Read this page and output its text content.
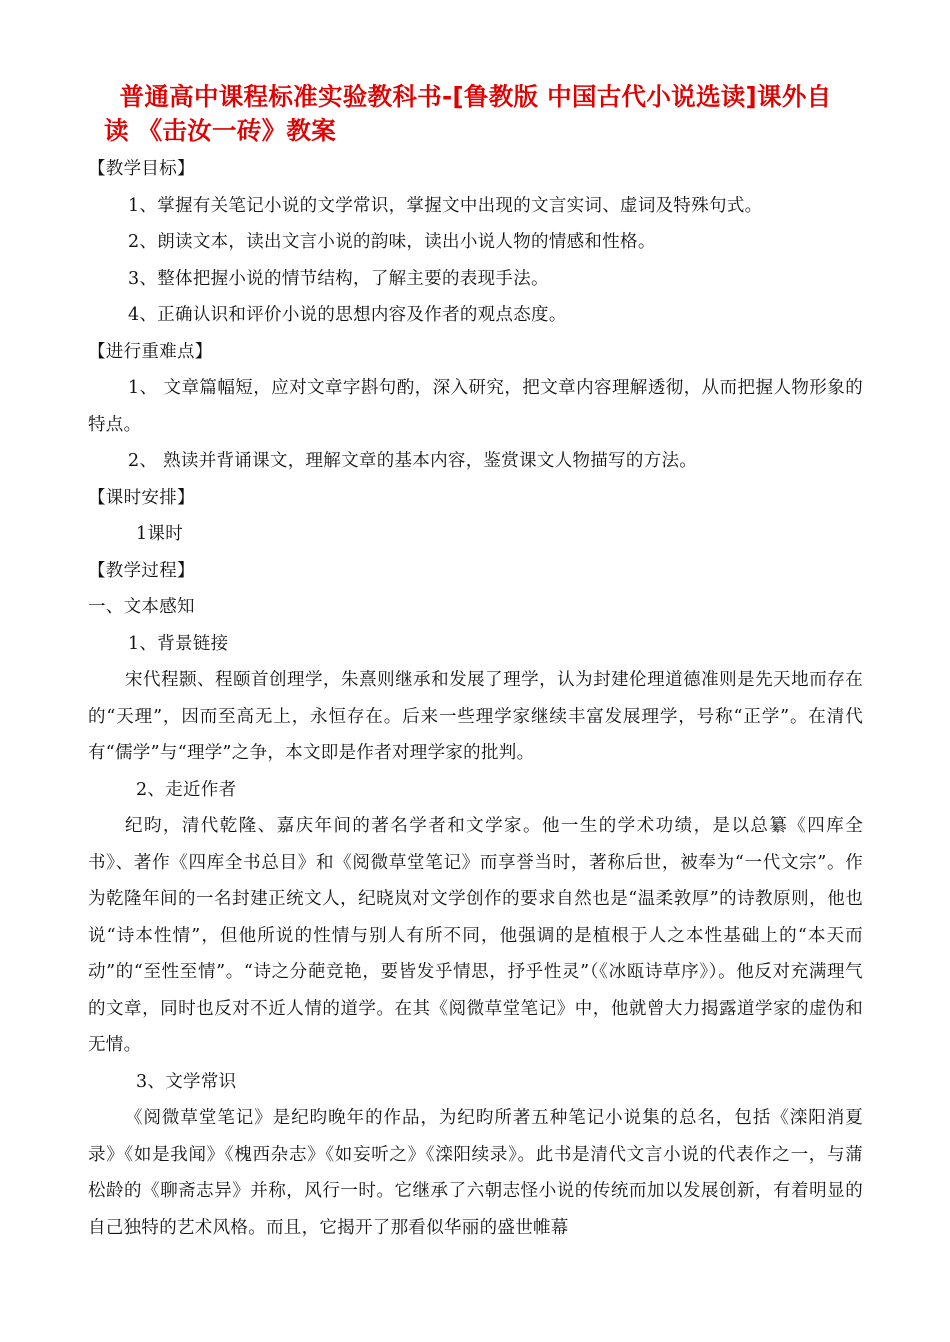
普通高中课程标准实验教科书-[鲁教版 中国古代小说选读]课外自
读 《击汝一砖》教案

【教学目标】

1、掌握有关笔记小说的文学常识，掌握文中出现的文言实词、虚词及特殊句式。

2、朗读文本，读出文言小说的韵味，读出小说人物的情感和性格。

3、整体把握小说的情节结构，了解主要的表现手法。

4、正确认识和评价小说的思想内容及作者的观点态度。

【进行重难点】

1、 文章篇幅短，应对文章字斟句酌，深入研究，把文章内容理解透彻，从而把握人物形象的特点。

2、 熟读并背诵课文，理解文章的基本内容，鉴赏课文人物描写的方法。

【课时安排】

1课时

【教学过程】

一、文本感知

1、背景链接

宋代程颢、程颐首创理学，朱熹则继承和发展了理学，认为封建伦理道德准则是先天地而存在的“天理”，因而至高无上，永恒存在。后来一些理学家继续丰富发展理学，号称“正学”。在清代有“儒学”与“理学”之争，本文即是作者对理学家的批判。

2、走近作者

纪昀，清代乾隆、嘉庆年间的著名学者和文学家。他一生的学术功绩，是以总纂《四库全书》、著作《四库全书总目》和《阅微草堂笔记》而享誉当时，著称后世，被奉为“一代文宗”。作为乾隆年间的一名封建正统文人，纪晓岚对文学创作的要求自然也是“温柔敦厚”的诗教原则，他也说“诗本性情”，但他所说的性情与别人有所不同，他强调的是植根于人之本性基础上的“本天而动”的“至性至情”。“诗之分葩竞艳，要皆发乎情思，抒乎性灵”（《冰瓯诗草序》）。他反对充满理气的文章，同时也反对不近人情的道学。在其《阅微草堂笔记》中，他就曾大力揭露道学家的虚伪和无情。

3、文学常识

《阅微草堂笔记》是纪昀晚年的作品，为纪昀所著五种笔记小说集的总名，包括《滦阳消夏录》《如是我闻》《槐西杂志》《如妄听之》《滦阳续录》。此书是清代文言小说的代表作之一，与蒲松龄的《聊斋志异》并称，风行一时。它继承了六朝志怪小说的传统而加以发展创新，有着明显的自己独特的艺术风格。而且，它揭开了那看似华丽的盛世帷幕
